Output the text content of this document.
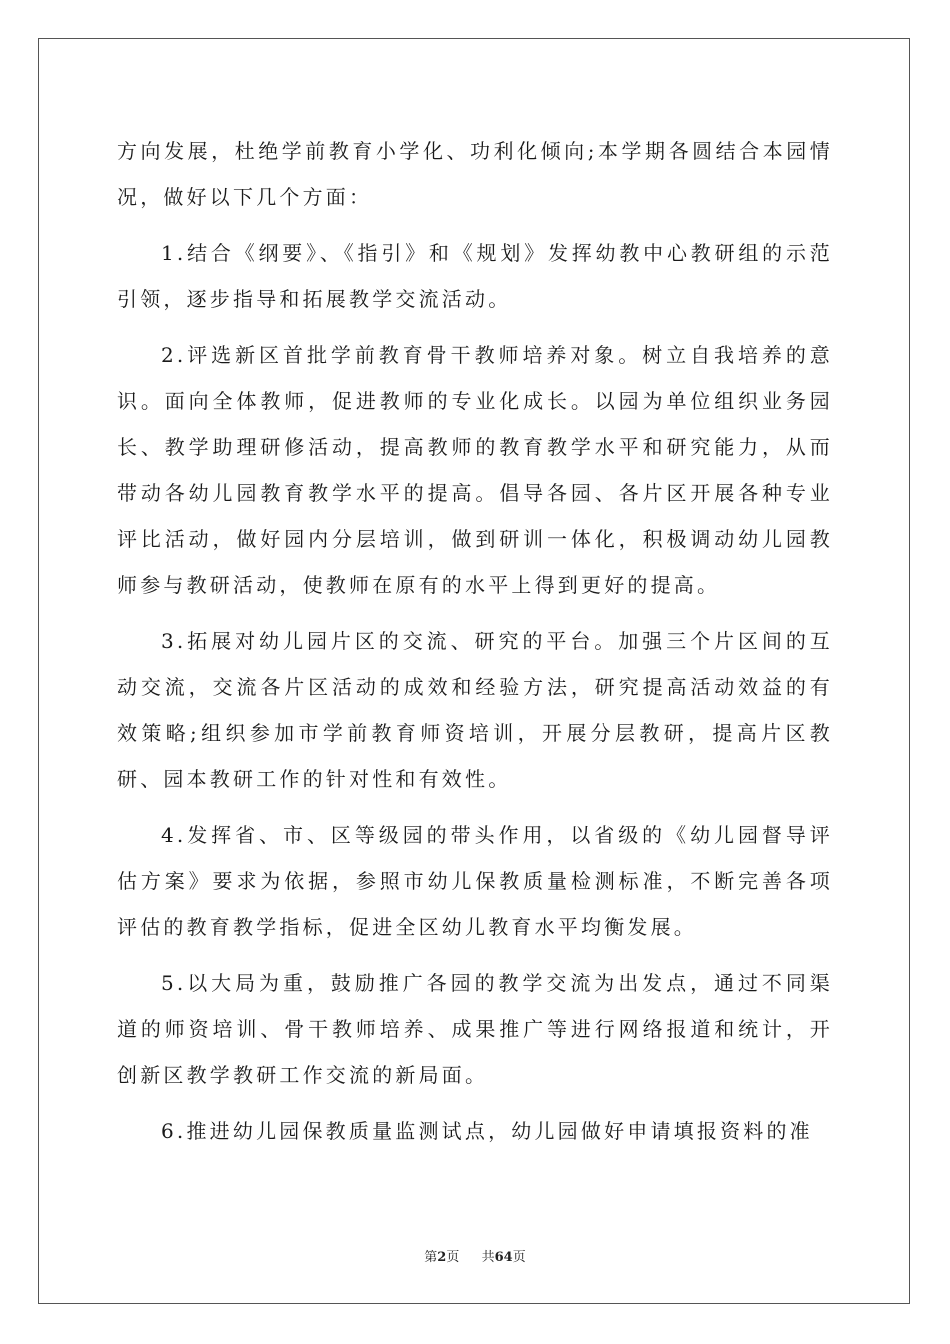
方向发展，杜绝学前教育小学化、功利化倾向;本学期各圆结合本园情况，做好以下几个方面：

1.结合《纲要》、《指引》和《规划》发挥幼教中心教研组的示范引领，逐步指导和拓展教学交流活动。

2.评选新区首批学前教育骨干教师培养对象。树立自我培养的意识。面向全体教师，促进教师的专业化成长。以园为单位组织业务园长、教学助理研修活动，提高教师的教育教学水平和研究能力，从而带动各幼儿园教育教学水平的提高。倡导各园、各片区开展各种专业评比活动，做好园内分层培训，做到研训一体化，积极调动幼儿园教师参与教研活动，使教师在原有的水平上得到更好的提高。

3.拓展对幼儿园片区的交流、研究的平台。加强三个片区间的互动交流，交流各片区活动的成效和经验方法，研究提高活动效益的有效策略;组织参加市学前教育师资培训，开展分层教研，提高片区教研、园本教研工作的针对性和有效性。

4.发挥省、市、区等级园的带头作用，以省级的《幼儿园督导评估方案》要求为依据，参照市幼儿保教质量检测标准，不断完善各项评估的教育教学指标，促进全区幼儿教育水平均衡发展。

5.以大局为重，鼓励推广各园的教学交流为出发点，通过不同渠道的师资培训、骨干教师培养、成果推广等进行网络报道和统计，开创新区教学教研工作交流的新局面。

6.推进幼儿园保教质量监测试点，幼儿园做好申请填报资料的准

第2页 共64页
